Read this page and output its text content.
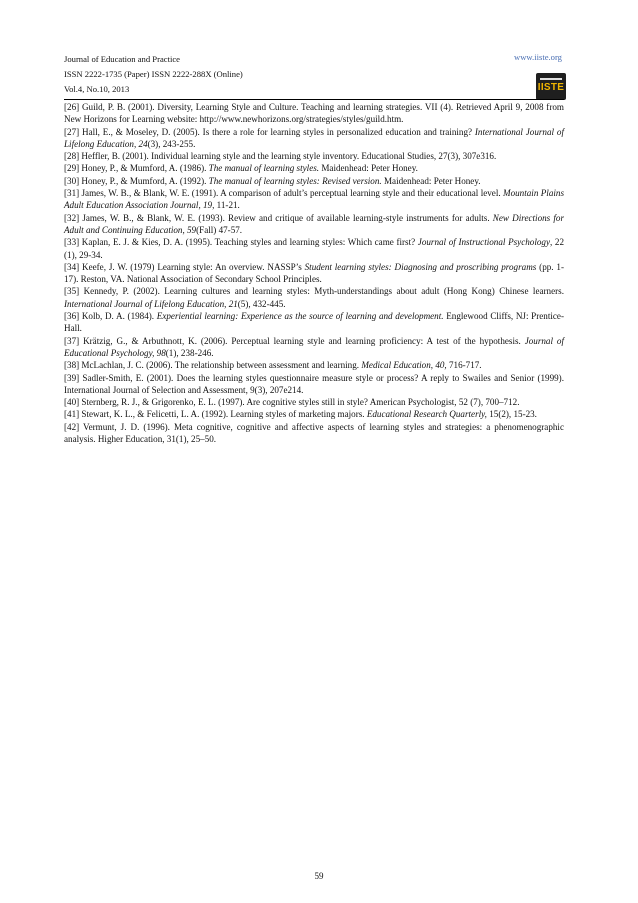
Journal of Education and Practice
ISSN 2222-1735 (Paper) ISSN 2222-288X (Online)
Vol.4, No.10, 2013
www.iiste.org
IISTE

[26] Guild, P. B. (2001). Diversity, Learning Style and Culture. Teaching and learning strategies. VII (4). Retrieved April 9, 2008 from New Horizons for Learning website: http://www.newhorizons.org/strategies/styles/guild.htm.

[27] Hall, E., & Moseley, D. (2005). Is there a role for learning styles in personalized education and training? International Journal of Lifelong Education, 24(3), 243-255.

[28] Heffler, B. (2001). Individual learning style and the learning style inventory. Educational Studies, 27(3), 307e316.

[29] Honey, P., & Mumford, A. (1986). The manual of learning styles. Maidenhead: Peter Honey.

[30] Honey, P., & Mumford, A. (1992). The manual of learning styles: Revised version. Maidenhead: Peter Honey.

[31] James, W. B., & Blank, W. E. (1991). A comparison of adult’s perceptual learning style and their educational level. Mountain Plains Adult Education Association Journal, 19, 11-21.

[32] James, W. B., & Blank, W. E. (1993). Review and critique of available learning-style instruments for adults. New Directions for Adult and Continuing Education, 59(Fall) 47-57.

[33] Kaplan, E. J. & Kies, D. A. (1995). Teaching styles and learning styles: Which came first? Journal of Instructional Psychology, 22 (1), 29-34.

[34] Keefe, J. W. (1979) Learning style: An overview. NASSP’s Student learning styles: Diagnosing and proscribing programs (pp. 1-17). Reston, VA. National Association of Secondary School Principles.

[35] Kennedy, P. (2002). Learning cultures and learning styles: Myth-understandings about adult (Hong Kong) Chinese learners. International Journal of Lifelong Education, 21(5), 432-445.

[36] Kolb, D. A. (1984). Experiential learning: Experience as the source of learning and development. Englewood Cliffs, NJ: Prentice-Hall.

[37] Krätzig, G., & Arbuthnott, K. (2006). Perceptual learning style and learning proficiency: A test of the hypothesis. Journal of Educational Psychology, 98(1), 238-246.

[38] McLachlan, J. C. (2006). The relationship between assessment and learning. Medical Education, 40, 716-717.

[39] Sadler-Smith, E. (2001). Does the learning styles questionnaire measure style or process? A reply to Swailes and Senior (1999). International Journal of Selection and Assessment, 9(3), 207e214.

[40] Sternberg, R. J., & Grigorenko, E. L. (1997). Are cognitive styles still in style? American Psychologist, 52 (7), 700–712.

[41] Stewart, K. L., & Felicetti, L. A. (1992). Learning styles of marketing majors. Educational Research Quarterly, 15(2), 15-23.

[42] Vermunt, J. D. (1996). Meta cognitive, cognitive and affective aspects of learning styles and strategies: a phenomenographic analysis. Higher Education, 31(1), 25–50.

59
